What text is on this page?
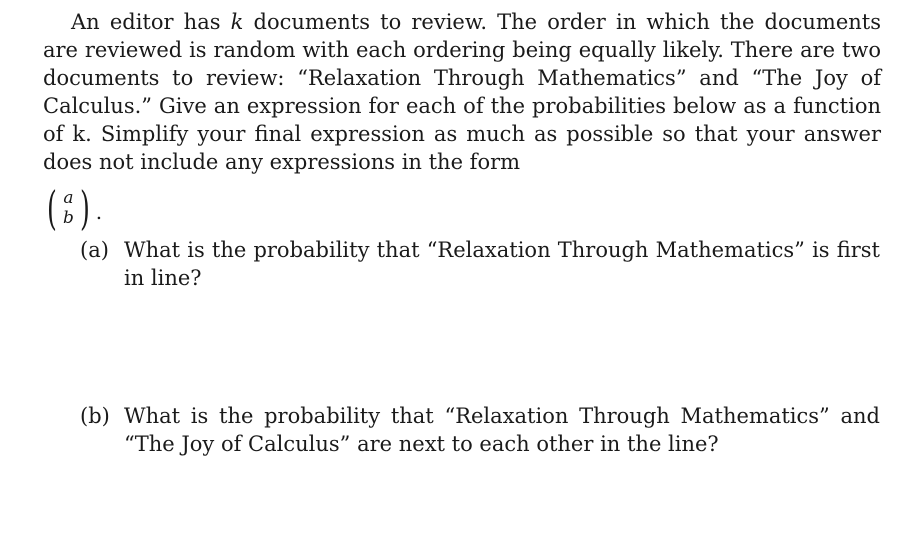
An editor has k documents to review. The order in which the documents are reviewed is random with each ordering being equally likely. There are two documents to review: “Relaxation Through Mathematics” and “The Joy of Calculus.” Give an expression for each of the probabilities below as a function of k. Simplify your final expression as much as possible so that your answer does not include any expressions in the form

( a
b ) .
(a) What is the probability that “Relaxation Through Mathematics” is first in line?
(b) What is the probability that “Relaxation Through Mathematics” and “The Joy of Calculus” are next to each other in the line?
